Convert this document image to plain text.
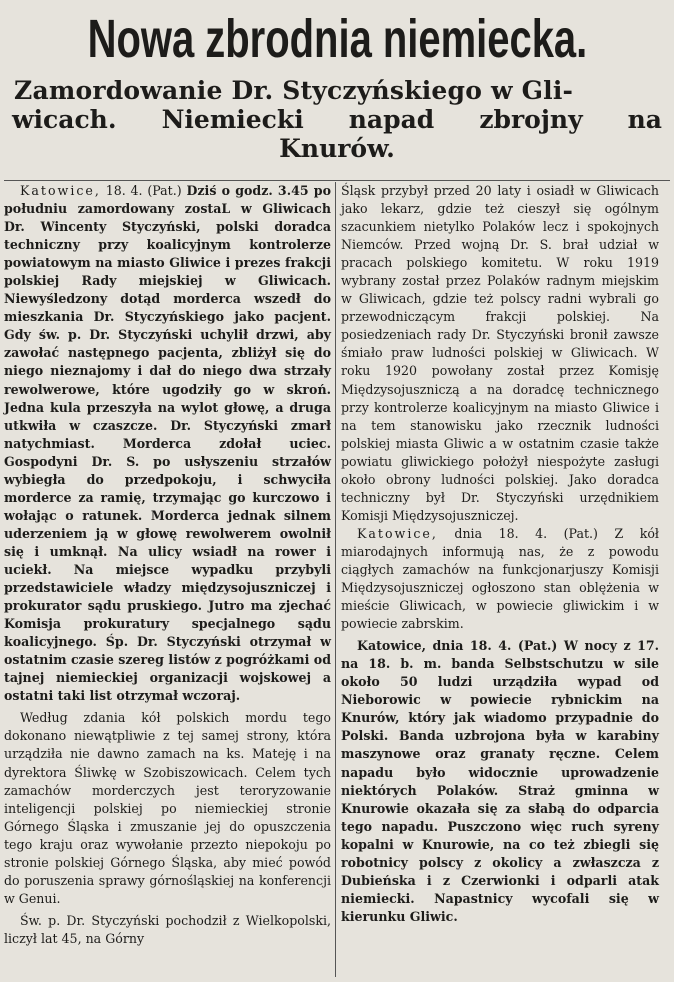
Nowa zbrodnia niemiecka.
Zamordowanie Dr. Styczyńskiego w Gli-
wicach. Niemiecki napad zbrojny na
Knurów.

Katowice, 18. 4. (Pat.) Dziś o godz. 3.45 po południu zamordowany zostaL w Gliwicach Dr. Wincenty Styczyński, polski doradca techniczny przy koalicyjnym kontrolerze powiatowym na miasto Gliwice i prezes frakcji polskiej Rady miejskiej w Gliwicach. Niewyśledzony dotąd morderca wszedł do mieszkania Dr. Styczyńskiego jako pacjent. Gdy św. p. Dr. Styczyński uchylił drzwi, aby zawołać następnego pacjenta, zbliżył się do niego nieznajomy i dał do niego dwa strzały rewolwerowe, które ugodziły go w skroń. Jedna kula przeszyła na wylot głowę, a druga utkwiła w czaszcze. Dr. Styczyński zmarł natychmiast. Morderca zdołał uciec. Gospodyni Dr. S. po usłyszeniu strzałów wybiegła do przedpokoju, i schwyciła morderce za ramię, trzymając go kurczowo i wołając o ratunek. Morderca jednak silnem uderzeniem ją w głowę rewolwerem owolnił się i umknął. Na ulicy wsiadł na rower i uciekł. Na miejsce wypadku przybyli przedstawiciele władzy międzysojuszniczej i prokurator sądu pruskiego. Jutro ma zjechać Komisja prokuratury specjalnego sądu koalicyjnego. Śp. Dr. Styczyński otrzymał w ostatnim czasie szereg listów z pogróżkami od tajnej niemieckiej organizacji wojskowej a ostatni taki list otrzymał wczoraj.

Według zdania kół polskich mordu tego dokonano niewątpliwie z tej samej strony, która urządziła nie dawno zamach na ks. Mateję i na dyrektora Śliwkę w Szobiszowicach. Celem tych zamachów morderczych jest teroryzowanie inteligencji polskiej po niemieckiej stronie Górnego Śląska i zmuszanie jej do opuszczenia tego kraju oraz wywołanie przezto niepokoju po stronie polskiej Górnego Śląska, aby mieć powód do poruszenia sprawy górnośląskiej na konferencji w Genui.

Św. p. Dr. Styczyński pochodził z Wielkopolski, liczył lat 45, na Górny

Śląsk przybył przed 20 laty i osiadł w Gliwicach jako lekarz, gdzie też cieszył się ogólnym szacunkiem nietylko Polaków lecz i spokojnych Niemców. Przed wojną Dr. S. brał udział w pracach polskiego komitetu. W roku 1919 wybrany został przez Polaków radnym miejskim w Gliwicach, gdzie też polscy radni wybrali go przewodniczącym frakcji polskiej. Na posiedzeniach rady Dr. Styczyński bronił zawsze śmiało praw ludności polskiej w Gliwicach. W roku 1920 powołany został przez Komisję Międzysojuszniczą a na doradcę technicznego przy kontrolerze koalicyjnym na miasto Gliwice i na tem stanowisku jako rzecznik ludności polskiej miasta Gliwic a w ostatnim czasie także powiatu gliwickiego położył niespożyte zasługi około obrony ludności polskiej. Jako doradca techniczny był Dr. Styczyński urzędnikiem Komisji Międzysojuszniczej.

Katowice, dnia 18. 4. (Pat.) Z kół miarodajnych informują nas, że z powodu ciągłych zamachów na funkcjonarjuszy Komisji Międzysojuszniczej ogłoszono stan oblężenia w mieście Gliwicach, w powiecie gliwickim i w powiecie zabrskim.

Katowice, dnia 18. 4. (Pat.) W nocy z 17. na 18. b. m. banda Selbstschutzu w sile około 50 ludzi urządziła wypad od Nieborowic w powiecie rybnickim na Knurów, który jak wiadomo przypadnie do Polski. Banda uzbrojona była w karabiny maszynowe oraz granaty ręczne. Celem napadu było widocznie uprowadzenie niektórych Polaków. Straż gminna w Knurowie okazała się za słabą do odparcia tego napadu. Puszczono więc ruch syreny kopalni w Knurowie, na co też zbiegli się robotnicy polscy z okolicy a zwłaszcza z Dubieńska i z Czerwionki i odparli atak niemiecki. Napastnicy wycofali się w kierunku Gliwic.
